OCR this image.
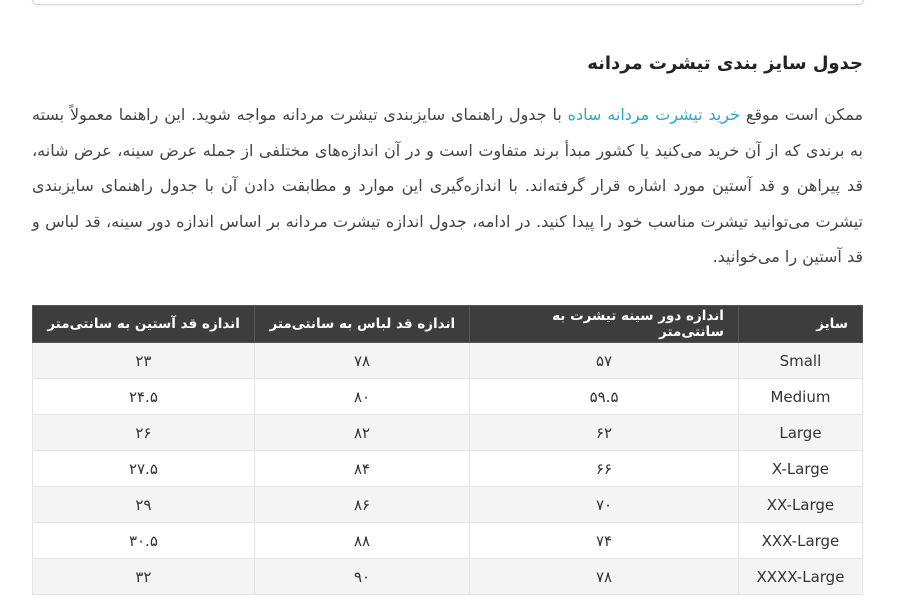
جدول سایز بندی تیشرت مردانه

ممکن است موقع خرید تیشرت مردانه ساده با جدول راهنمای سایزبندی تیشرت مردانه مواجه شوید. این راهنما معمولاً بسته به برندی که از آن خرید می‌کنید یا کشور مبدأ برند متفاوت است و در آن اندازه‌های مختلفی از جمله عرض سینه، عرض شانه، قد پیراهن و قد آستین مورد اشاره قرار گرفته‌اند. با اندازه‌گیری این موارد و مطابقت دادن آن با جدول راهنمای سایزبندی تیشرت می‌توانید تیشرت مناسب خود را پیدا کنید. در ادامه، جدول اندازه تیشرت مردانه بر اساس اندازه دور سینه، قد لباس و قد آستین را می‌خوانید.

سایز	اندازه دور سینه تیشرت به سانتی‌متر	اندازه قد لباس به سانتی‌متر	اندازه قد آستین به سانتی‌متر
Small	۵۷	۷۸	۲۳
Medium	۵۹.۵	۸۰	۲۴.۵
Large	۶۲	۸۲	۲۶
X-Large	۶۶	۸۴	۲۷.۵
XX-Large	۷۰	۸۶	۲۹
XXX-Large	۷۴	۸۸	۳۰.۵
XXXX-Large	۷۸	۹۰	۳۲
